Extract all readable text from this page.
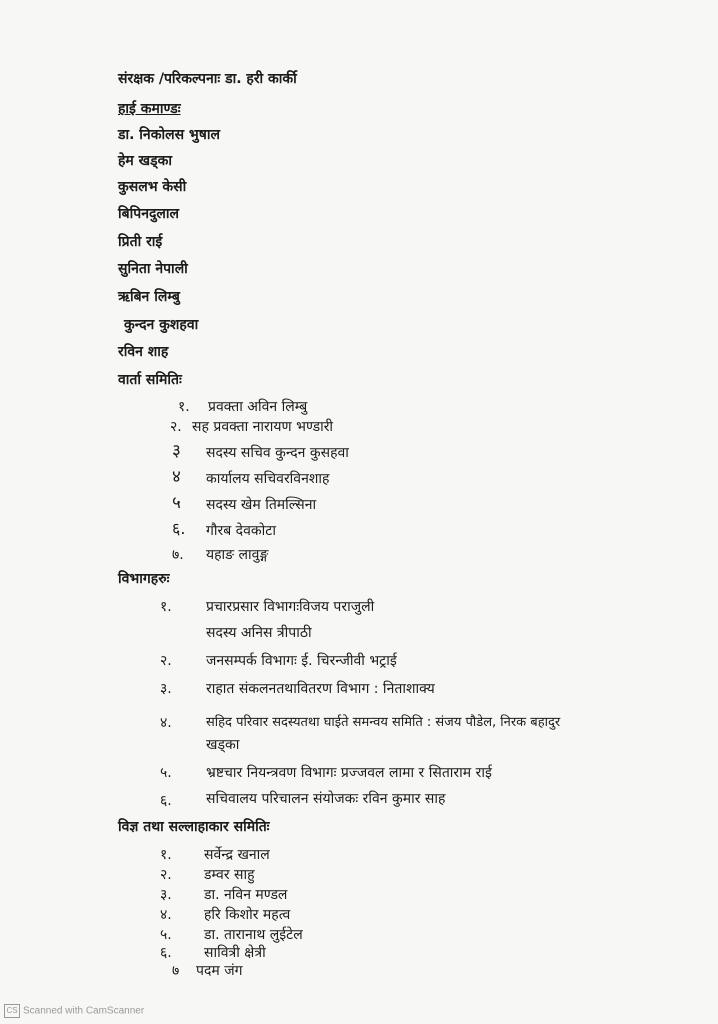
संरक्षक /परिकल्पनाः डा. हरी कार्की
हाई कमाण्डः
डा. निकोलस भुषाल
हेम खड्का
कुसलभ केसी
बिपिनदुलाल
प्रिती राई
सुनिता नेपाली
ऋबिन लिम्बु
कुन्दन कुशहवा
रविन शाह
वार्ता समितिः
१. प्रवक्ता अविन लिम्बु
२. सह प्रवक्ता नारायण भण्डारी
३ सदस्य सचिव कुन्दन कुसहवा
४ कार्यालय सचिवरविनशाह
५ सदस्य खेम तिमल्सिना
६. गौरब देवकोटा
७. यहाङ लावुङ्ग
विभागहरुः
१. प्रचारप्रसार विभागःविजय पराजुली
सदस्य अनिस त्रीपाठी
२. जनसम्पर्क विभागः ई. चिरन्जीवी भट्राई
३. राहात संकलनतथावितरण विभाग : निताशाक्य
४.	सहिद परिवार सदस्यतथा घाईते समन्वय समिति : संजय पौडेल, निरक बहादुर
खड्का
५. भ्रष्टचार नियन्त्रवण विभागः प्रज्जवल लामा र सिताराम राई
६. सचिवालय परिचालन संयोजकः रविन कुमार साह
विज्ञ तथा सल्लाहाकार समितिः
१. सर्वेन्द्र खनाल
२. डम्वर साहु
३. डा. नविन मण्डल
४. हरि किशोर महत्व
५. डा. तारानाथ लुईटेल
६. सावित्री क्षेत्री
७ पदम जंग
CS Scanned with CamScanner
